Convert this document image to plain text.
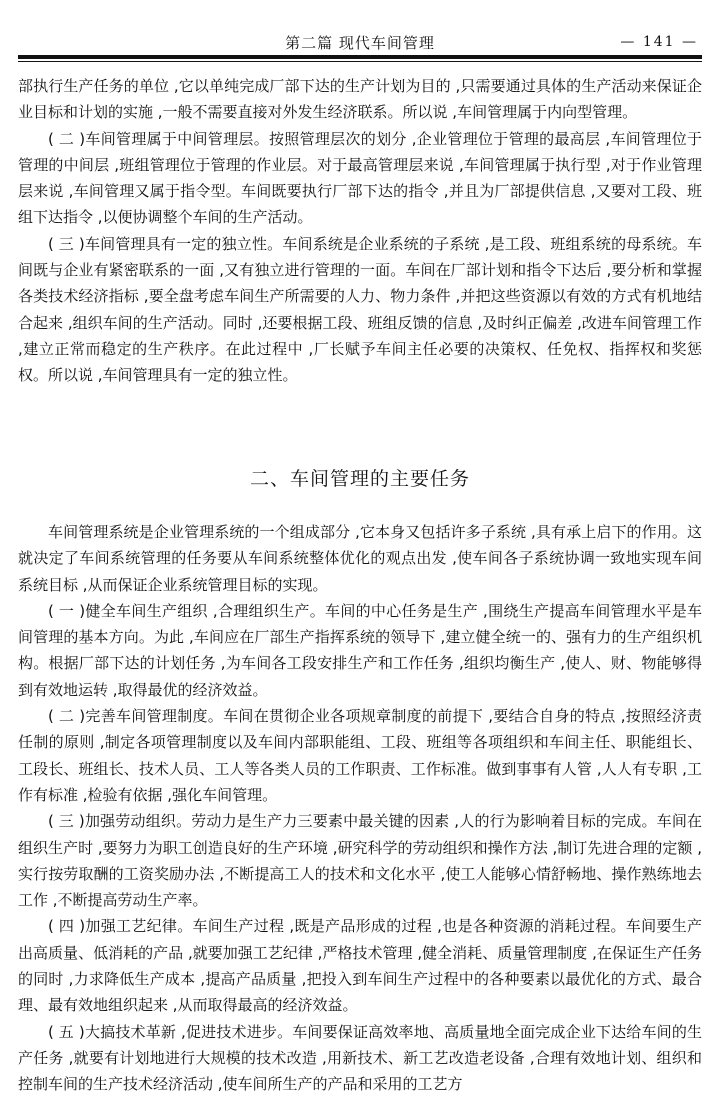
第二篇 现代车间管理	— 141 —

部执行生产任务的单位 ,它以单纯完成厂部下达的生产计划为目的 ,只需要通过具体的生产活动来保证企业目标和计划的实施 ,一般不需要直接对外发生经济联系。所以说 ,车间管理属于内向型管理。

( 二 )车间管理属于中间管理层。按照管理层次的划分 ,企业管理位于管理的最高层 ,车间管理位于管理的中间层 ,班组管理位于管理的作业层。对于最高管理层来说 ,车间管理属于执行型 ,对于作业管理层来说 ,车间管理又属于指令型。车间既要执行厂部下达的指令 ,并且为厂部提供信息 ,又要对工段、班组下达指令 ,以便协调整个车间的生产活动。

( 三 )车间管理具有一定的独立性。车间系统是企业系统的子系统 ,是工段、班组系统的母系统。车间既与企业有紧密联系的一面 ,又有独立进行管理的一面。车间在厂部计划和指令下达后 ,要分析和掌握各类技术经济指标 ,要全盘考虑车间生产所需要的人力、物力条件 ,并把这些资源以有效的方式有机地结合起来 ,组织车间的生产活动。同时 ,还要根据工段、班组反馈的信息 ,及时纠正偏差 ,改进车间管理工作 ,建立正常而稳定的生产秩序。在此过程中 ,厂长赋予车间主任必要的决策权、任免权、指挥权和奖惩权。所以说 ,车间管理具有一定的独立性。

二、车间管理的主要任务

车间管理系统是企业管理系统的一个组成部分 ,它本身又包括许多子系统 ,具有承上启下的作用。这就决定了车间系统管理的任务要从车间系统整体优化的观点出发 ,使车间各子系统协调一致地实现车间系统目标 ,从而保证企业系统管理目标的实现。

( 一 )健全车间生产组织 ,合理组织生产。车间的中心任务是生产 ,围绕生产提高车间管理水平是车间管理的基本方向。为此 ,车间应在厂部生产指挥系统的领导下 ,建立健全统一的、强有力的生产组织机构。根据厂部下达的计划任务 ,为车间各工段安排生产和工作任务 ,组织均衡生产 ,使人、财、物能够得到有效地运转 ,取得最优的经济效益。

( 二 )完善车间管理制度。车间在贯彻企业各项规章制度的前提下 ,要结合自身的特点 ,按照经济责任制的原则 ,制定各项管理制度以及车间内部职能组、工段、班组等各项组织和车间主任、职能组长、工段长、班组长、技术人员、工人等各类人员的工作职责、工作标准。做到事事有人管 ,人人有专职 ,工作有标准 ,检验有依据 ,强化车间管理。

( 三 )加强劳动组织。劳动力是生产力三要素中最关键的因素 ,人的行为影响着目标的完成。车间在组织生产时 ,要努力为职工创造良好的生产环境 ,研究科学的劳动组织和操作方法 ,制订先进合理的定额 ,实行按劳取酬的工资奖励办法 ,不断提高工人的技术和文化水平 ,使工人能够心情舒畅地、操作熟练地去工作 ,不断提高劳动生产率。

( 四 )加强工艺纪律。车间生产过程 ,既是产品形成的过程 ,也是各种资源的消耗过程。车间要生产出高质量、低消耗的产品 ,就要加强工艺纪律 ,严格技术管理 ,健全消耗、质量管理制度 ,在保证生产任务的同时 ,力求降低生产成本 ,提高产品质量 ,把投入到车间生产过程中的各种要素以最优化的方式、最合理、最有效地组织起来 ,从而取得最高的经济效益。

( 五 )大搞技术革新 ,促进技术进步。车间要保证高效率地、高质量地全面完成企业下达给车间的生产任务 ,就要有计划地进行大规模的技术改造 ,用新技术、新工艺改造老设备 ,合理有效地计划、组织和控制车间的生产技术经济活动 ,使车间所生产的产品和采用的工艺方
